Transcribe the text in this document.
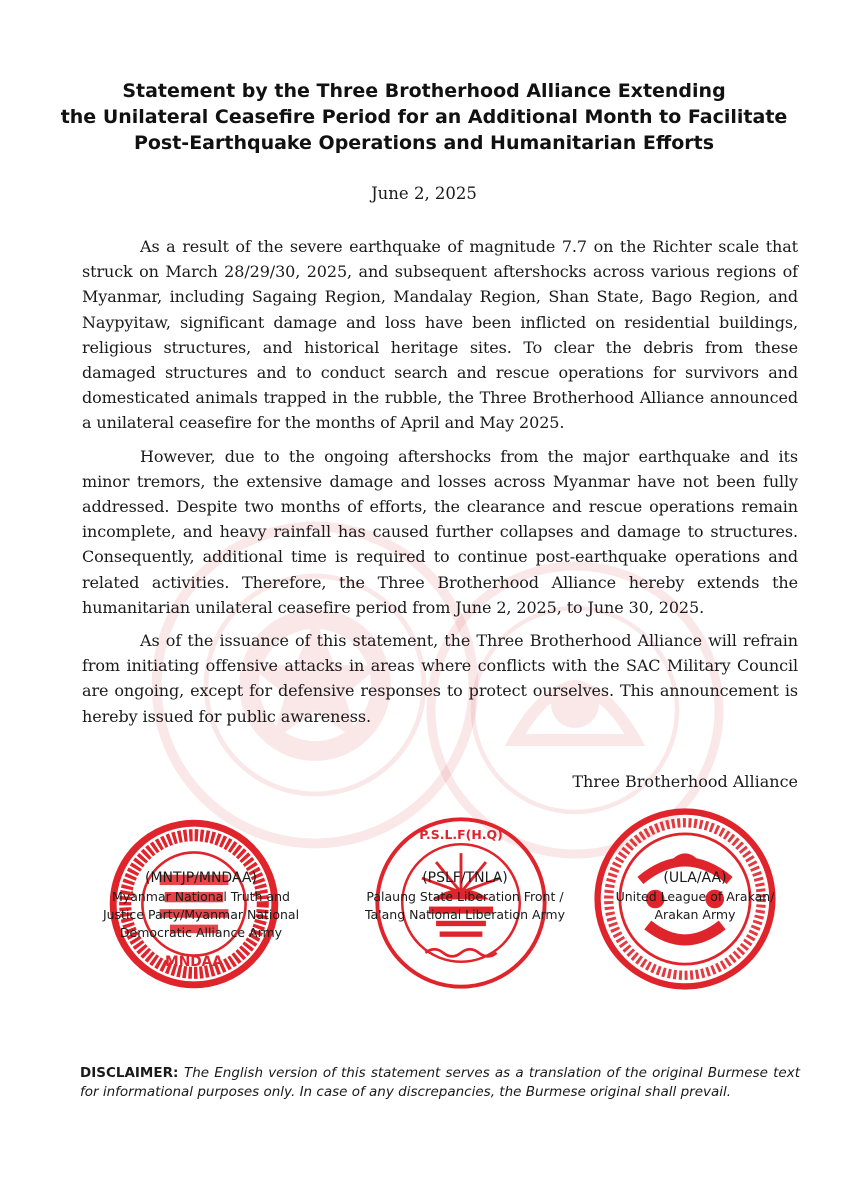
Statement by the Three Brotherhood Alliance Extending
the Unilateral Ceasefire Period for an Additional Month to Facilitate
Post-Earthquake Operations and Humanitarian Efforts
June 2, 2025

As a result of the severe earthquake of magnitude 7.7 on the Richter scale that struck on March 28/29/30, 2025, and subsequent aftershocks across various regions of Myanmar, including Sagaing Region, Mandalay Region, Shan State, Bago Region, and Naypyitaw, significant damage and loss have been inflicted on residential buildings, religious structures, and historical heritage sites. To clear the debris from these damaged structures and to conduct search and rescue operations for survivors and domesticated animals trapped in the rubble, the Three Brotherhood Alliance announced a unilateral ceasefire for the months of April and May 2025.

However, due to the ongoing aftershocks from the major earthquake and its minor tremors, the extensive damage and losses across Myanmar have not been fully addressed. Despite two months of efforts, the clearance and rescue operations remain incomplete, and heavy rainfall has caused further collapses and damage to structures. Consequently, additional time is required to continue post-earthquake operations and related activities. Therefore, the Three Brotherhood Alliance hereby extends the humanitarian unilateral ceasefire period from June 2, 2025, to June 30, 2025.

As of the issuance of this statement, the Three Brotherhood Alliance will refrain from initiating offensive attacks in areas where conflicts with the SAC Military Council are ongoing, except for defensive responses to protect ourselves. This announcement is hereby issued for public awareness.

Three Brotherhood Alliance
MNDAA
P.S.L.F(H.Q)
(MNTJP/MNDAA)
Myanmar National Truth and
Justice Party/Myanmar National
Democratic Alliance Army
(PSLF/TNLA)
Palaung State Liberation Front /
Ta'ang National Liberation Army
(ULA/AA)
United League of Arakan/
Arakan Army

DISCLAIMER: The English version of this statement serves as a translation of the original Burmese text for informational purposes only. In case of any discrepancies, the Burmese original shall prevail.
